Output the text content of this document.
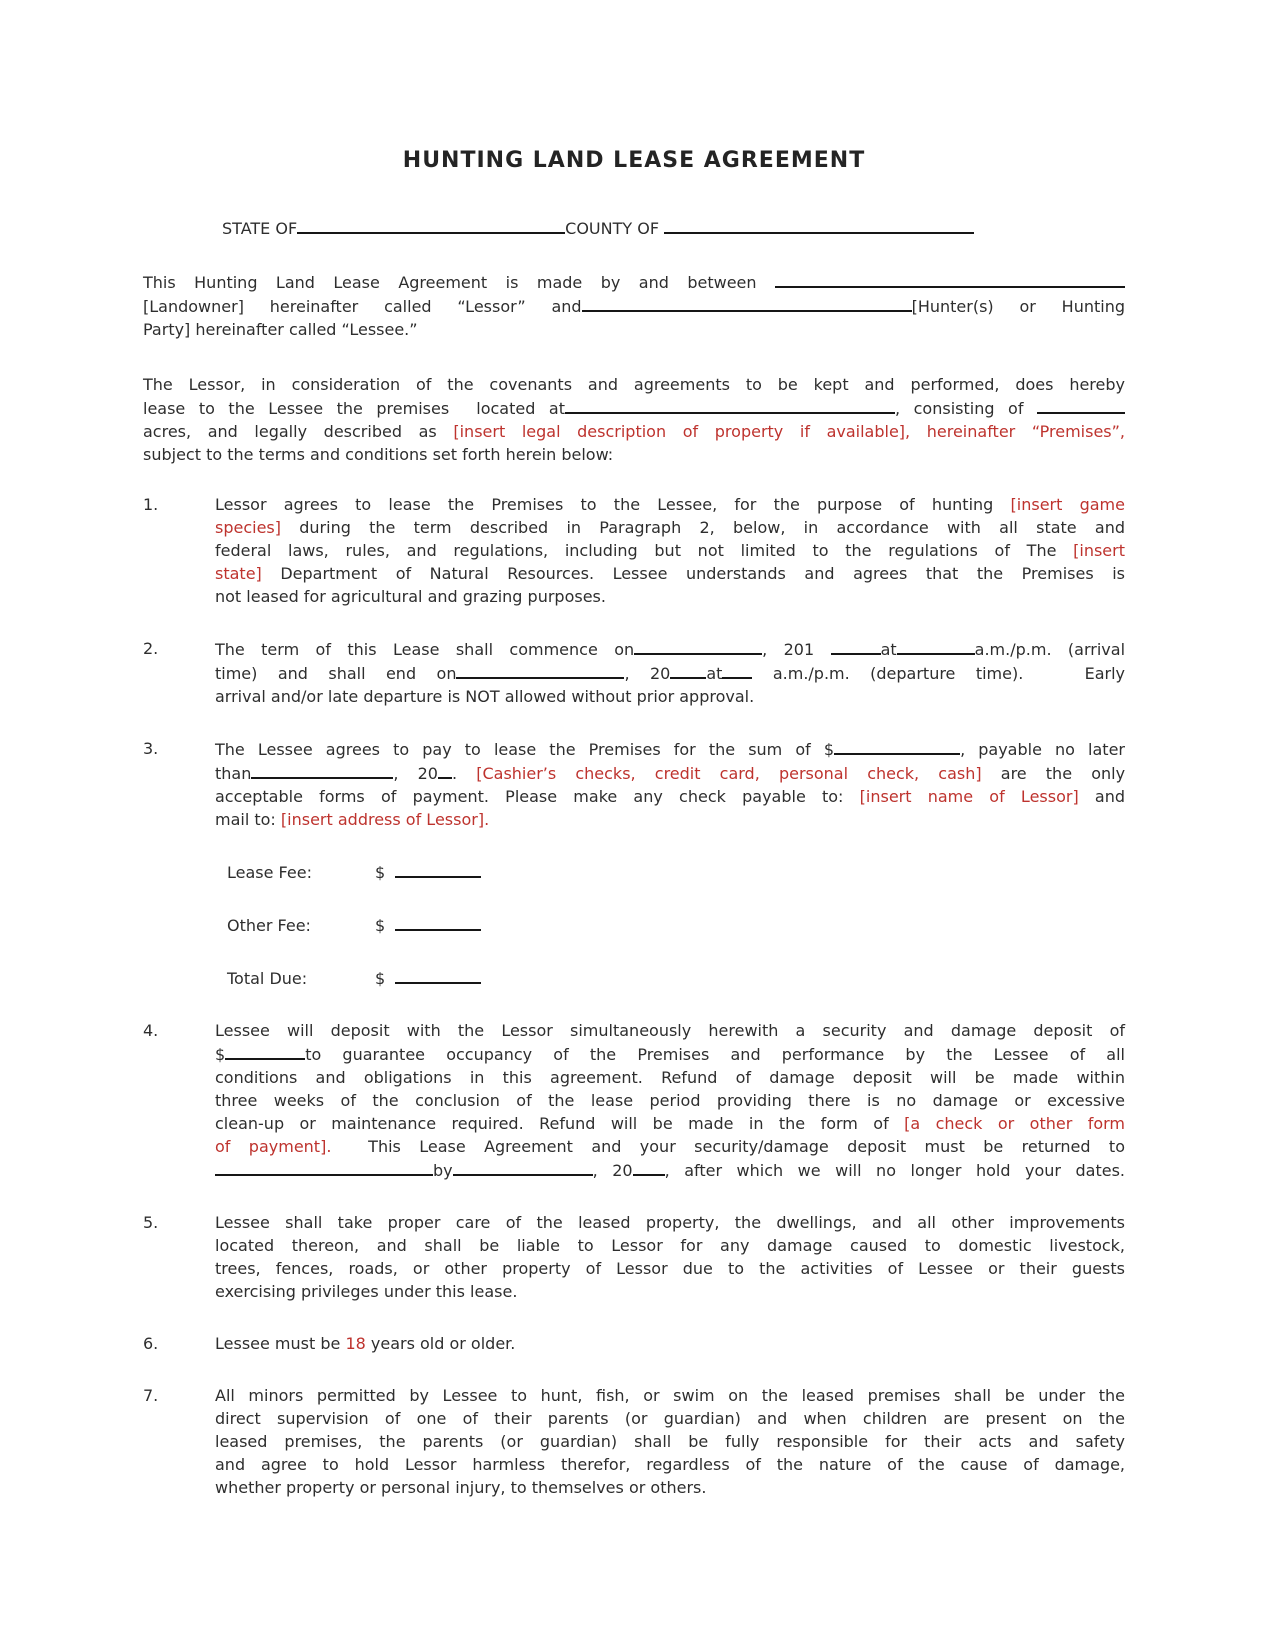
HUNTING LAND LEASE AGREEMENT
STATE OF	COUNTY OF
This Hunting Land Lease Agreement is made by and between
[Landowner] hereinafter called “Lessor” and	[Hunter(s) or Hunting
Party] hereinafter called “Lessee.”
The Lessor, in consideration of the covenants and agreements to be kept and performed, does hereby
lease to the Lessee the premises  located at	, consisting of
acres, and legally described as [insert legal description of property if available], hereinafter “Premises”,
subject to the terms and conditions set forth herein below:
1.	Lessor agrees to lease the Premises to the Lessee, for the purpose of hunting [insert game
species] during the term described in Paragraph 2, below, in accordance with all state and
federal laws, rules, and regulations, including but not limited to the regulations of The [insert
state] Department of Natural Resources. Lessee understands and agrees that the Premises is
not leased for agricultural and grazing purposes.
2.	The term of this Lease shall commence on	, 201	at	a.m./p.m. (arrival
time) and shall end on	, 20 at a.m./p.m. (departure time).   Early
arrival and/or late departure is NOT allowed without prior approval.
3.	The Lessee agrees to pay to lease the Premises for the sum of $	, payable no later
than	, 20 . [Cashier’s checks, credit card, personal check, cash] are the only
acceptable forms of payment. Please make any check payable to: [insert name of Lessor] and
mail to: [insert address of Lessor].
Lease Fee:	$
Other Fee:	$
Total Due:	$
4.	Lessee will deposit with the Lessor simultaneously herewith a security and damage deposit of
$	to guarantee occupancy of the Premises and performance by the Lessee of all
conditions and obligations in this agreement. Refund of damage deposit will be made within
three weeks of the conclusion of the lease period providing there is no damage or excessive
clean-up or maintenance required. Refund will be made in the form of [a check or other form
of payment].  This Lease Agreement and your security/damage deposit must be returned to
by	, 20 , after which we will no longer hold your dates.
5.	Lessee shall take proper care of the leased property, the dwellings, and all other improvements
located thereon, and shall be liable to Lessor for any damage caused to domestic livestock,
trees, fences, roads, or other property of Lessor due to the activities of Lessee or their guests
exercising privileges under this lease.
6.	Lessee must be 18 years old or older.
7.	All minors permitted by Lessee to hunt, fish, or swim on the leased premises shall be under the
direct supervision of one of their parents (or guardian) and when children are present on the
leased premises, the parents (or guardian) shall be fully responsible for their acts and safety
and agree to hold Lessor harmless therefor, regardless of the nature of the cause of damage,
whether property or personal injury, to themselves or others.
